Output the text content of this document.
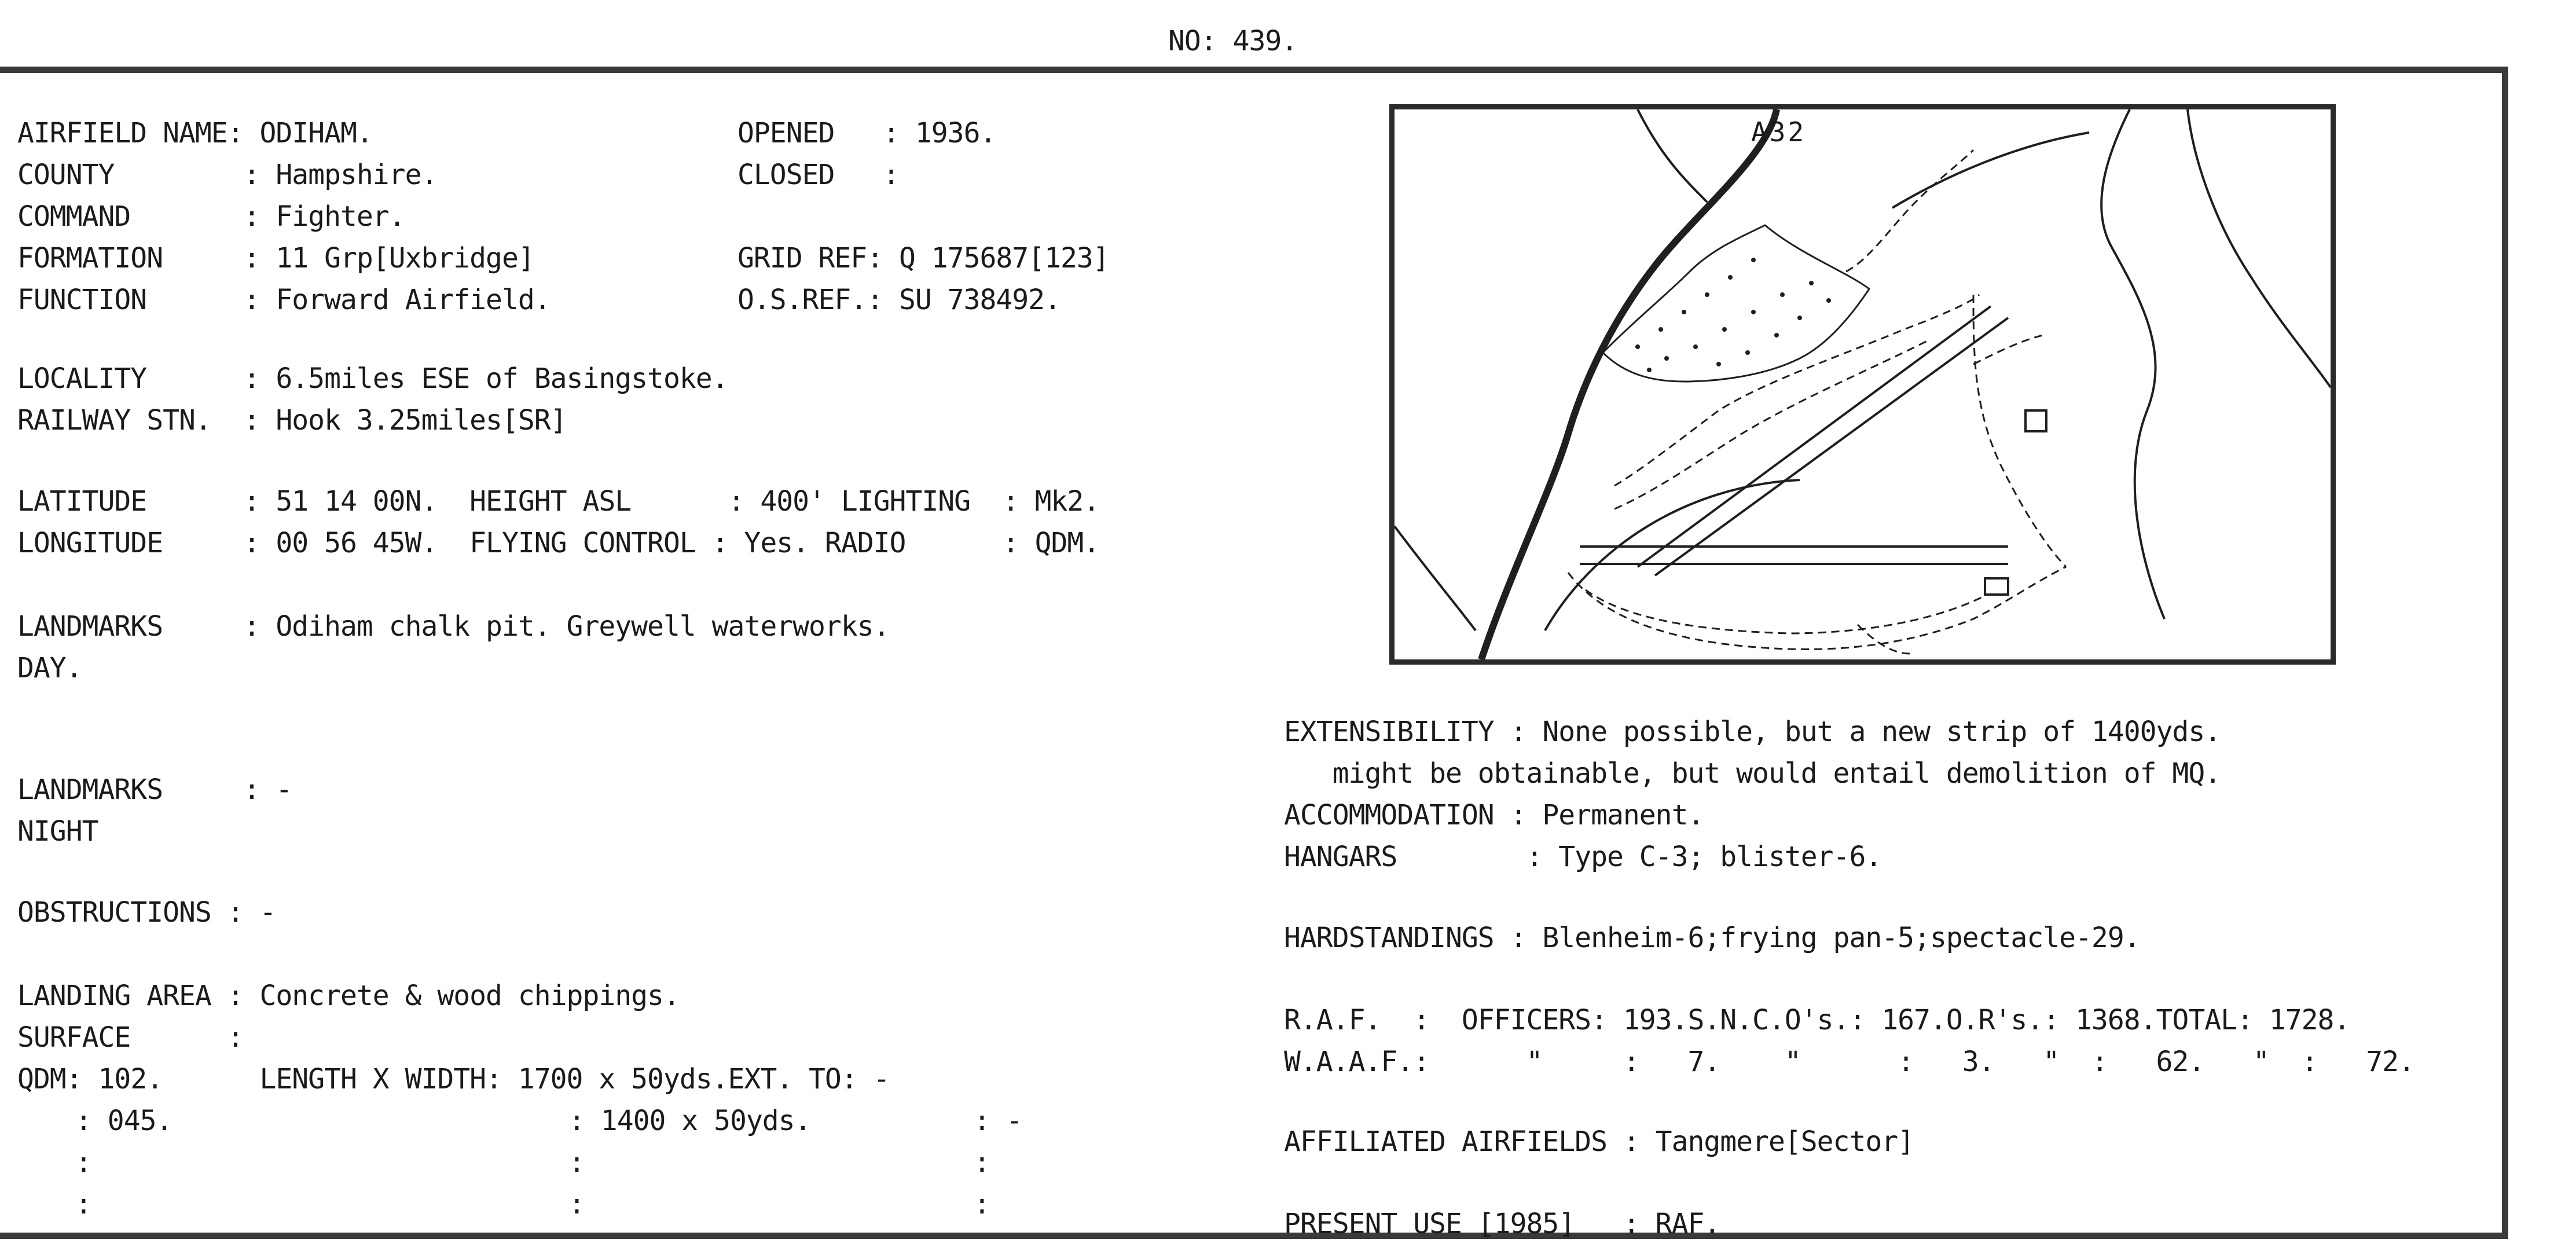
NO: 439.
AIRFIELD NAME: ODIHAM.
COUNTY        : Hampshire.
COMMAND       : Fighter.
FORMATION     : 11 Grp[Uxbridge]
FUNCTION      : Forward Airfield.
OPENED   : 1936.
CLOSED   :
GRID REF: Q 175687[123]
O.S.REF.: SU 738492.
LOCALITY      : 6.5miles ESE of Basingstoke.
RAILWAY STN.  : Hook 3.25miles[SR]
LATITUDE      : 51 14 00N.  HEIGHT ASL      : 400' LIGHTING  : Mk2.
LONGITUDE     : 00 56 45W.  FLYING CONTROL : Yes. RADIO      : QDM.
LANDMARKS     : Odiham chalk pit. Greywell waterworks.
DAY.
LANDMARKS     : -
NIGHT
OBSTRUCTIONS : -
LANDING AREA : Concrete & wood chippings.
SURFACE      :
QDM: 102.      LENGTH X WIDTH: 1700 x 50yds.EXT. TO: -
: 045.	: 1400 x 50yds.	: -
:	:	:
:	:	:
A32
EXTENSIBILITY : None possible, but a new strip of 1400yds.
might be obtainable, but would entail demolition of MQ.
ACCOMMODATION : Permanent.
HANGARS        : Type C-3; blister-6.
HARDSTANDINGS : Blenheim-6;frying pan-5;spectacle-29.
R.A.F.  :  OFFICERS: 193.S.N.C.O's.: 167.O.R's.: 1368.TOTAL: 1728.
W.A.A.F.:      "     :   7.    "      :   3.   "  :   62.   "  :   72.
AFFILIATED AIRFIELDS : Tangmere[Sector]
PRESENT USE [1985]   : RAF.
